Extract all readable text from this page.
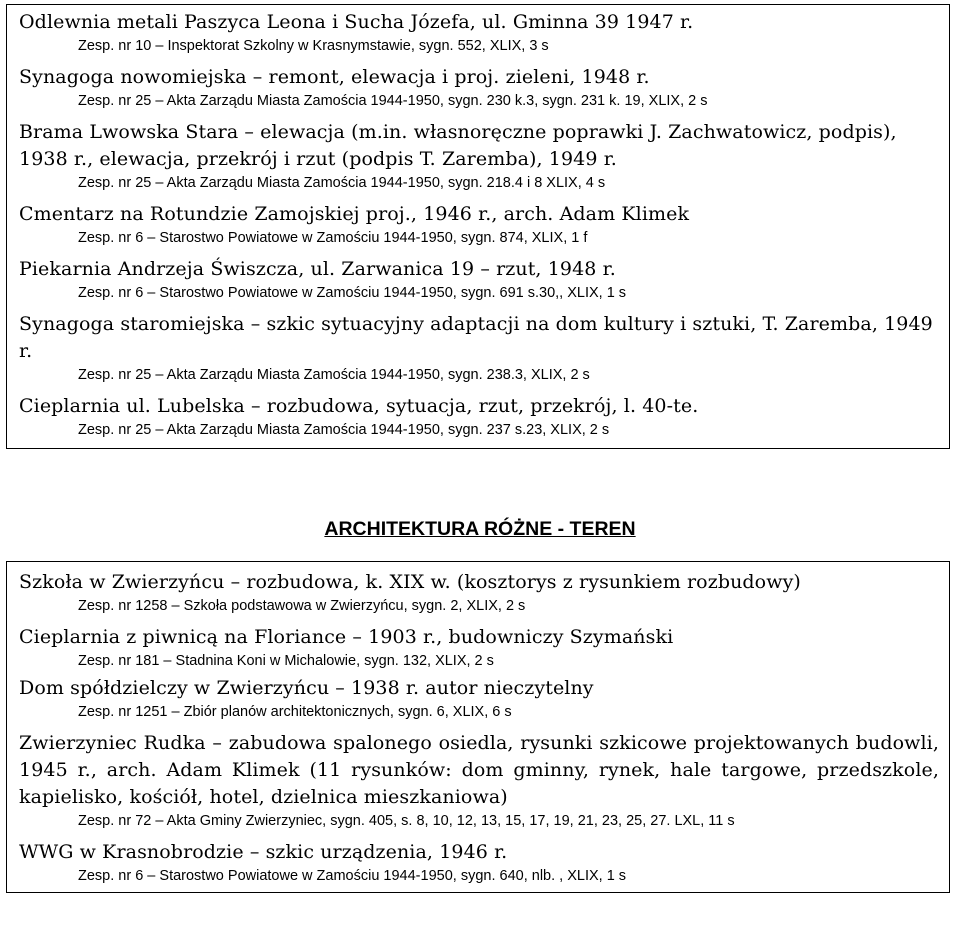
Odlewnia metali Paszyca Leona i Sucha Józefa, ul. Gminna 39 1947 r.
Zesp. nr 10 – Inspektorat Szkolny w Krasnymstawie, sygn. 552, XLIX, 3 s
Synagoga nowomiejska – remont, elewacja i proj. zieleni, 1948 r.
Zesp. nr 25 – Akta Zarządu Miasta Zamościa 1944-1950, sygn. 230 k.3, sygn. 231 k. 19, XLIX, 2 s
Brama Lwowska Stara – elewacja (m.in. własnoręczne poprawki J. Zachwatowicz, podpis), 1938 r., elewacja, przekrój i rzut (podpis T. Zaremba), 1949 r.
Zesp. nr 25 – Akta Zarządu Miasta Zamościa 1944-1950, sygn. 218.4 i 8 XLIX, 4 s
Cmentarz na Rotundzie Zamojskiej proj., 1946 r., arch. Adam Klimek
Zesp. nr 6 – Starostwo Powiatowe w Zamościu 1944-1950, sygn. 874, XLIX, 1 f
Piekarnia Andrzeja Świszcza, ul. Zarwanica 19 – rzut, 1948 r.
Zesp. nr 6 – Starostwo Powiatowe w Zamościu 1944-1950, sygn. 691 s.30,, XLIX, 1 s
Synagoga staromiejska – szkic sytuacyjny adaptacji na dom kultury i sztuki, T. Zaremba, 1949 r.
Zesp. nr 25 – Akta Zarządu Miasta Zamościa 1944-1950, sygn. 238.3, XLIX, 2 s
Cieplarnia ul. Lubelska – rozbudowa, sytuacja, rzut, przekrój, l. 40-te.
Zesp. nr 25 – Akta Zarządu Miasta Zamościa 1944-1950, sygn. 237 s.23, XLIX, 2 s
ARCHITEKTURA RÓŻNE - TEREN
Szkoła w Zwierzyńcu – rozbudowa, k. XIX w. (kosztorys z rysunkiem rozbudowy)
Zesp. nr 1258 – Szkoła podstawowa w Zwierzyńcu, sygn. 2, XLIX, 2 s
Cieplarnia z piwnicą na Floriance – 1903 r., budowniczy Szymański
Zesp. nr 181 – Stadnina Koni w Michalowie, sygn. 132, XLIX, 2 s
Dom spółdzielczy w Zwierzyńcu – 1938 r. autor nieczytelny
Zesp. nr 1251 – Zbiór planów architektonicznych, sygn. 6, XLIX, 6 s
Zwierzyniec Rudka – zabudowa spalonego osiedla, rysunki szkicowe projektowanych budowli, 1945 r., arch. Adam Klimek (11 rysunków: dom gminny, rynek, hale targowe, przedszkole, kapielisko, kościół, hotel, dzielnica mieszkaniowa)
Zesp. nr 72 – Akta Gminy Zwierzyniec, sygn. 405, s. 8, 10, 12, 13, 15, 17, 19, 21, 23, 25, 27. LXL, 11 s
WWG w Krasnobrodzie – szkic urządzenia, 1946 r.
Zesp. nr 6 – Starostwo Powiatowe w Zamościu 1944-1950, sygn. 640, nlb. , XLIX, 1 s
